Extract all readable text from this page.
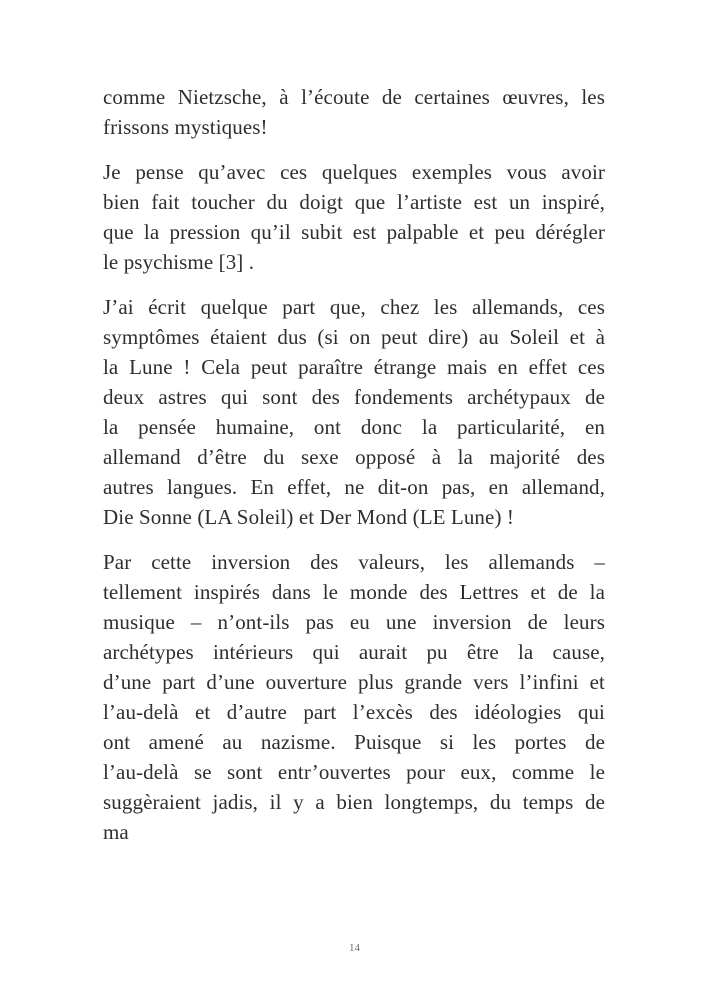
comme Nietzsche, à l’écoute de certaines œuvres, les
frissons mystiques!

Je pense qu’avec ces quelques exemples vous avoir
bien fait toucher du doigt que l’artiste est un inspiré,
que la pression qu’il subit est palpable et peu dérégler
le psychisme [3] .

J’ai écrit quelque part que, chez les allemands, ces
symptômes étaient dus (si on peut dire) au Soleil et à
la Lune ! Cela peut paraître étrange mais en effet ces
deux astres qui sont des fondements archétypaux de
la pensée humaine, ont donc la particularité, en
allemand d’être du sexe opposé à la majorité des
autres langues. En effet, ne dit-on pas, en allemand,
Die Sonne (LA Soleil) et Der Mond (LE Lune) !

Par cette inversion des valeurs, les allemands –
tellement inspirés dans le monde des Lettres et de la
musique – n’ont-ils pas eu une inversion de leurs
archétypes intérieurs qui aurait pu être la cause,
d’une part d’une ouverture plus grande vers l’infini et
l’au-delà et d’autre part l’excès des idéologies qui
ont amené au nazisme. Puisque si les portes de
l’au-delà se sont entr’ouvertes pour eux, comme le
suggèraient jadis, il y a bien longtemps, du temps de
ma

14
